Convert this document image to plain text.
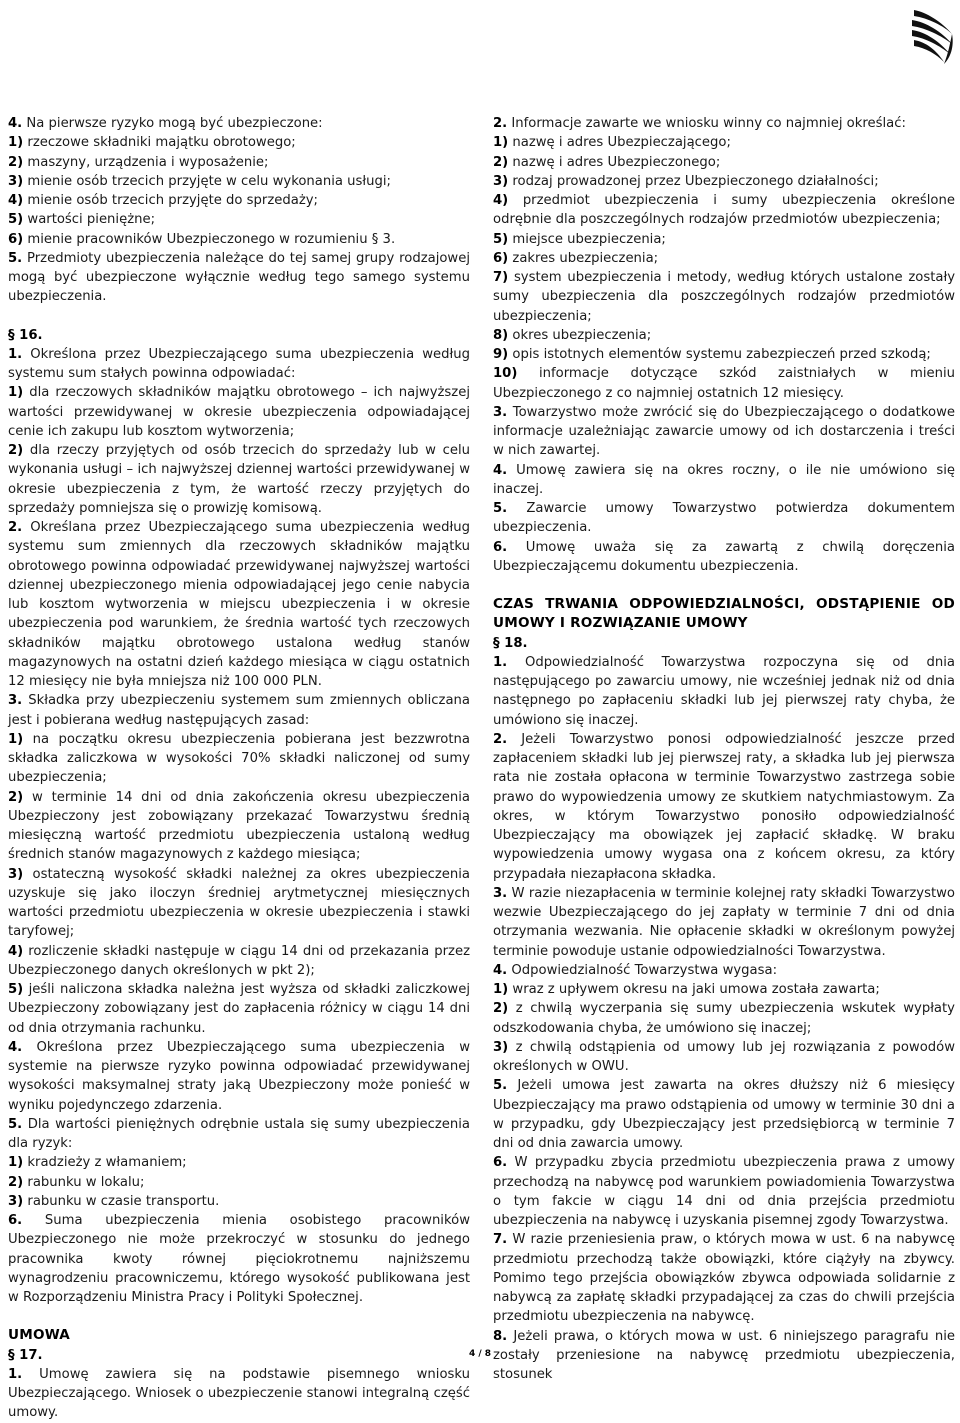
4. Na pierwsze ryzyko mogą być ubezpieczone:

1) rzeczowe składniki majątku obrotowego;

2) maszyny, urządzenia i wyposażenie;

3) mienie osób trzecich przyjęte w celu wykonania usługi;

4) mienie osób trzecich przyjęte do sprzedaży;

5) wartości pieniężne;

6) mienie pracowników Ubezpieczonego w rozumieniu § 3.

5. Przedmioty ubezpieczenia należące do tej samej grupy rodzajowej mogą być ubezpieczone wyłącznie według tego samego systemu ubezpieczenia.

§ 16.

1. Określona przez Ubezpieczającego suma ubezpieczenia według systemu sum stałych powinna odpowiadać:

1) dla rzeczowych składników majątku obrotowego – ich najwyższej wartości przewidywanej w okresie ubezpieczenia odpowiadającej cenie ich zakupu lub kosztom wytworzenia;

2) dla rzeczy przyjętych od osób trzecich do sprzedaży lub w celu wykonania usługi – ich najwyższej dziennej wartości przewidywanej w okresie ubezpieczenia z tym, że wartość rzeczy przyjętych do sprzedaży pomniejsza się o prowizję komisową.

2. Określana przez Ubezpieczającego suma ubezpieczenia według systemu sum zmiennych dla rzeczowych składników majątku obrotowego powinna odpowiadać przewidywanej najwyższej wartości dziennej ubezpieczonego mienia odpowiadającej jego cenie nabycia lub kosztom wytworzenia w miejscu ubezpieczenia i w okresie ubezpieczenia pod warunkiem, że średnia wartość tych rzeczowych składników majątku obrotowego ustalona według stanów magazynowych na ostatni dzień każdego miesiąca w ciągu ostatnich 12 miesięcy nie była mniejsza niż 100 000 PLN.

3. Składka przy ubezpieczeniu systemem sum zmiennych obliczana jest i pobierana według następujących zasad:

1) na początku okresu ubezpieczenia pobierana jest bezzwrotna składka zaliczkowa w wysokości 70% składki naliczonej od sumy ubezpieczenia;

2) w terminie 14 dni od dnia zakończenia okresu ubezpieczenia Ubezpieczony jest zobowiązany przekazać Towarzystwu średnią miesięczną wartość przedmiotu ubezpieczenia ustaloną według średnich stanów magazynowych z każdego miesiąca;

3) ostateczną wysokość składki należnej za okres ubezpieczenia uzyskuje się jako iloczyn średniej arytmetycznej miesięcznych wartości przedmiotu ubezpieczenia w okresie ubezpieczenia i stawki taryfowej;

4) rozliczenie składki następuje w ciągu 14 dni od przekazania przez Ubezpieczonego danych określonych w pkt 2);

5) jeśli naliczona składka należna jest wyższa od składki zaliczkowej Ubezpieczony zobowiązany jest do zapłacenia różnicy w ciągu 14 dni od dnia otrzymania rachunku.

4. Określona przez Ubezpieczającego suma ubezpieczenia w systemie na pierwsze ryzyko powinna odpowiadać przewidywanej wysokości maksymalnej straty jaką Ubezpieczony może ponieść w wyniku pojedynczego zdarzenia.

5. Dla wartości pieniężnych odrębnie ustala się sumy ubezpieczenia dla ryzyk:

1) kradzieży z włamaniem;

2) rabunku w lokalu;

3) rabunku w czasie transportu.

6. Suma ubezpieczenia mienia osobistego pracowników Ubezpieczonego nie może przekroczyć w stosunku do jednego pracownika kwoty równej pięciokrotnemu najniższemu wynagrodzeniu pracowniczemu, którego wysokość publikowana jest w Rozporządzeniu Ministra Pracy i Polityki Społecznej.

UMOWA

§ 17.

1. Umowę zawiera się na podstawie pisemnego wniosku Ubezpieczającego. Wniosek o ubezpieczenie stanowi integralną część umowy.

2. Informacje zawarte we wniosku winny co najmniej określać:

1) nazwę i adres Ubezpieczającego;

2) nazwę i adres Ubezpieczonego;

3) rodzaj prowadzonej przez Ubezpieczonego działalności;

4) przedmiot ubezpieczenia i sumy ubezpieczenia określone odrębnie dla poszczególnych rodzajów przedmiotów ubezpieczenia;

5) miejsce ubezpieczenia;

6) zakres ubezpieczenia;

7) system ubezpieczenia i metody, według których ustalone zostały sumy ubezpieczenia dla poszczególnych rodzajów przedmiotów ubezpieczenia;

8) okres ubezpieczenia;

9) opis istotnych elementów systemu zabezpieczeń przed szkodą;

10) informacje dotyczące szkód zaistniałych w mieniu Ubezpieczonego z co najmniej ostatnich 12 miesięcy.

3. Towarzystwo może zwrócić się do Ubezpieczającego o dodatkowe informacje uzależniając zawarcie umowy od ich dostarczenia i treści w nich zawartej.

4. Umowę zawiera się na okres roczny, o ile nie umówiono się inaczej.

5. Zawarcie umowy Towarzystwo potwierdza dokumentem ubezpieczenia.

6. Umowę uważa się za zawartą z chwilą doręczenia Ubezpieczającemu dokumentu ubezpieczenia.

CZAS TRWANIA ODPOWIEDZIALNOŚCI, ODSTĄPIENIE OD UMOWY I ROZWIĄZANIE UMOWY

§ 18.

1. Odpowiedzialność Towarzystwa rozpoczyna się od dnia następującego po zawarciu umowy, nie wcześniej jednak niż od dnia następnego po zapłaceniu składki lub jej pierwszej raty chyba, że umówiono się inaczej.

2. Jeżeli Towarzystwo ponosi odpowiedzialność jeszcze przed zapłaceniem składki lub jej pierwszej raty, a składka lub jej pierwsza rata nie została opłacona w terminie Towarzystwo zastrzega sobie prawo do wypowiedzenia umowy ze skutkiem natychmiastowym. Za okres, w którym Towarzystwo ponosiło odpowiedzialność Ubezpieczający ma obowiązek jej zapłacić składkę. W braku wypowiedzenia umowy wygasa ona z końcem okresu, za który przypadała niezapłacona składka.

3. W razie niezapłacenia w terminie kolejnej raty składki Towarzystwo wezwie Ubezpieczającego do jej zapłaty w terminie 7 dni od dnia otrzymania wezwania. Nie opłacenie składki w określonym powyżej terminie powoduje ustanie odpowiedzialności Towarzystwa.

4. Odpowiedzialność Towarzystwa wygasa:

1) wraz z upływem okresu na jaki umowa została zawarta;

2) z chwilą wyczerpania się sumy ubezpieczenia wskutek wypłaty odszkodowania chyba, że umówiono się inaczej;

3) z chwilą odstąpienia od umowy lub jej rozwiązania z powodów określonych w OWU.

5. Jeżeli umowa jest zawarta na okres dłuższy niż 6 miesięcy Ubezpieczający ma prawo odstąpienia od umowy w terminie 30 dni a w przypadku, gdy Ubezpieczający jest przedsiębiorcą w terminie 7 dni od dnia zawarcia umowy.

6. W przypadku zbycia przedmiotu ubezpieczenia prawa z umowy przechodzą na nabywcę pod warunkiem powiadomienia Towarzystwa o tym fakcie w ciągu 14 dni od dnia przejścia przedmiotu ubezpieczenia na nabywcę i uzyskania pisemnej zgody Towarzystwa.

7. W razie przeniesienia praw, o których mowa w ust. 6 na nabywcę przedmiotu przechodzą także obowiązki, które ciążyły na zbywcy. Pomimo tego przejścia obowiązków zbywca odpowiada solidarnie z nabywcą za zapłatę składki przypadającej za czas do chwili przejścia przedmiotu ubezpieczenia na nabywcę.

8. Jeżeli prawa, o których mowa w ust. 6 niniejszego paragrafu nie zostały przeniesione na nabywcę przedmiotu ubezpieczenia, stosunek

4 / 8
